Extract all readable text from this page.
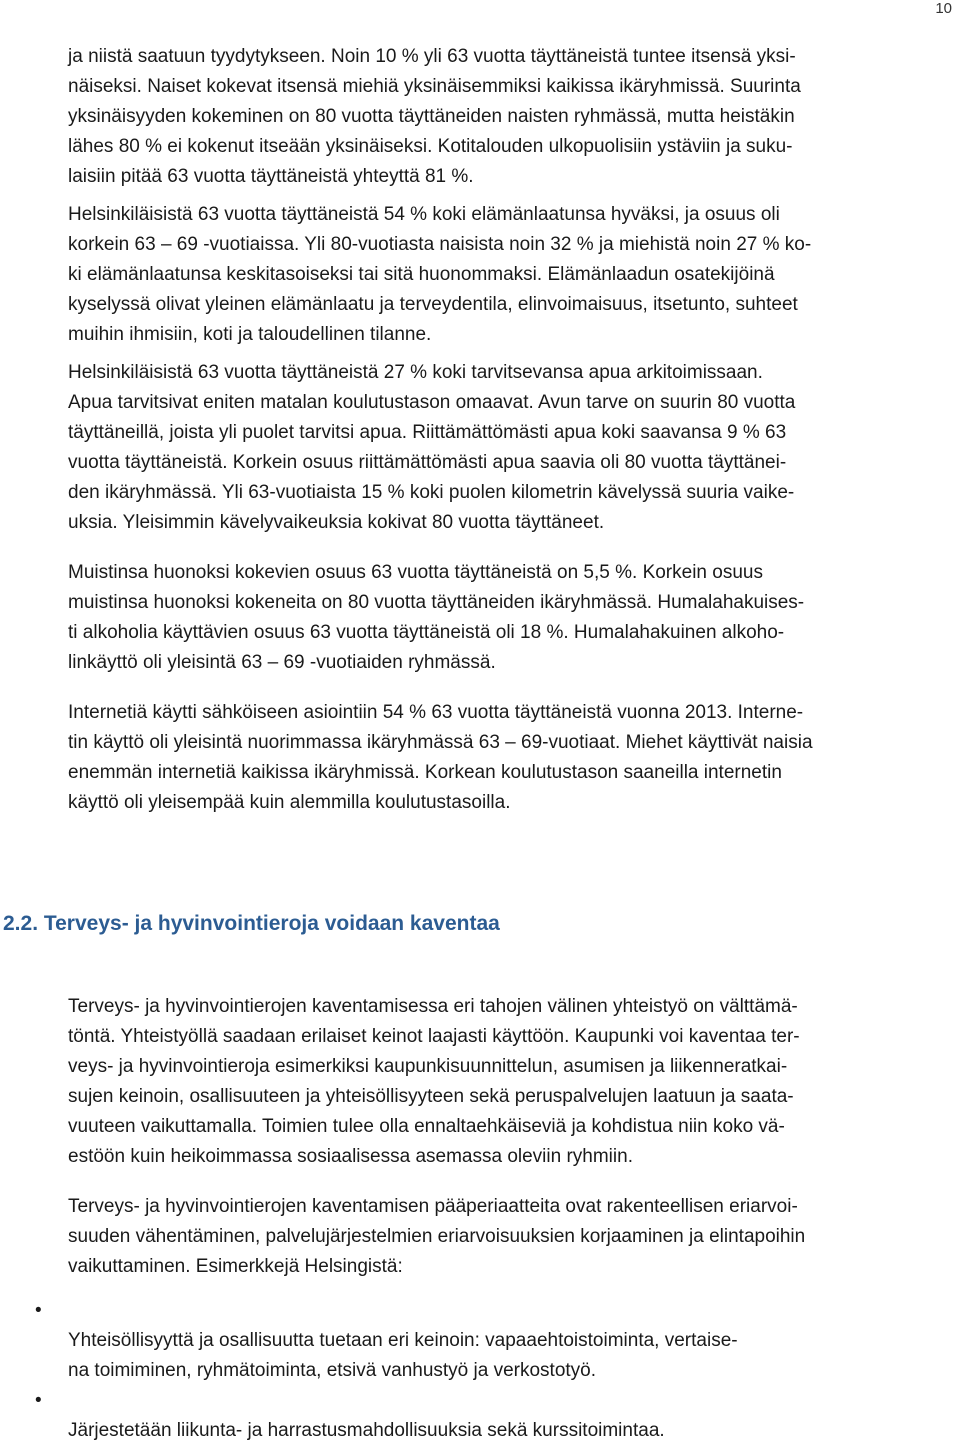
10

ja niistä saatuun tyydytykseen. Noin 10 % yli 63 vuotta täyttäneistä tuntee itsensä yksi-
näiseksi. Naiset kokevat itsensä miehiä yksinäisemmiksi kaikissa ikäryhmissä. Suurinta
yksinäisyyden kokeminen on 80 vuotta täyttäneiden naisten ryhmässä, mutta heistäkin
lähes 80 % ei kokenut itseään yksinäiseksi. Kotitalouden ulkopuolisiin ystäviin ja suku-
laisiin pitää 63 vuotta täyttäneistä yhteyttä 81 %.

Helsinkiläisistä 63 vuotta täyttäneistä 54 % koki elämänlaatunsa hyväksi, ja osuus oli
korkein 63 – 69 -vuotiaissa. Yli 80-vuotiasta naisista noin 32 % ja miehistä noin 27 % ko-
ki elämänlaatunsa keskitasoiseksi tai sitä huonommaksi. Elämänlaadun osatekijöinä
kyselyssä olivat yleinen elämänlaatu ja terveydentila, elinvoimaisuus, itsetunto, suhteet
muihin ihmisiin, koti ja taloudellinen tilanne.

Helsinkiläisistä 63 vuotta täyttäneistä 27 % koki tarvitsevansa apua arkitoimissaan.
Apua tarvitsivat eniten matalan koulutustason omaavat. Avun tarve on suurin 80 vuotta
täyttäneillä, joista yli puolet tarvitsi apua. Riittämättömästi apua koki saavansa 9 % 63
vuotta täyttäneistä. Korkein osuus riittämättömästi apua saavia oli 80 vuotta täyttänei-
den ikäryhmässä. Yli 63-vuotiaista 15 % koki puolen kilometrin kävelyssä suuria vaike-
uksia. Yleisimmin kävelyvaikeuksia kokivat 80 vuotta täyttäneet.

Muistinsa huonoksi kokevien osuus 63 vuotta täyttäneistä on 5,5 %. Korkein osuus
muistinsa huonoksi kokeneita on 80 vuotta täyttäneiden ikäryhmässä. Humalahakuises-
ti alkoholia käyttävien osuus 63 vuotta täyttäneistä oli 18 %. Humalahakuinen alkoho-
linkäyttö oli yleisintä 63 – 69 -vuotiaiden ryhmässä.

Internetiä käytti sähköiseen asiointiin 54 % 63 vuotta täyttäneistä vuonna 2013. Interne-
tin käyttö oli yleisintä nuorimmassa ikäryhmässä 63 – 69-vuotiaat. Miehet käyttivät naisia
enemmän internetiä kaikissa ikäryhmissä. Korkean koulutustason saaneilla internetin
käyttö oli yleisempää kuin alemmilla koulutustasoilla.

2.2. Terveys- ja hyvinvointieroja voidaan kaventaa

Terveys- ja hyvinvointierojen kaventamisessa eri tahojen välinen yhteistyö on välttämä-
töntä. Yhteistyöllä saadaan erilaiset keinot laajasti käyttöön. Kaupunki voi kaventaa ter-
veys- ja hyvinvointieroja esimerkiksi kaupunkisuunnittelun, asumisen ja liikenneratkai-
sujen keinoin, osallisuuteen ja yhteisöllisyyteen sekä peruspalvelujen laatuun ja saata-
vuuteen vaikuttamalla. Toimien tulee olla ennaltaehkäiseviä ja kohdistua niin koko vä-
estöön kuin heikoimmassa sosiaalisessa asemassa oleviin ryhmiin.

Terveys- ja hyvinvointierojen kaventamisen pääperiaatteita ovat rakenteellisen eriarvoi-
suuden vähentäminen, palvelujärjestelmien eriarvoisuuksien korjaaminen ja elintapoihin
vaikuttaminen. Esimerkkejä Helsingistä:

•
Yhteisöllisyyttä ja osallisuutta tuetaan eri keinoin: vapaaehtoistoiminta, vertaise-
na toimiminen, ryhmätoiminta, etsivä vanhustyö ja verkostotyö.

•
Järjestetään liikunta- ja harrastusmahdollisuuksia sekä kurssitoimintaa.
